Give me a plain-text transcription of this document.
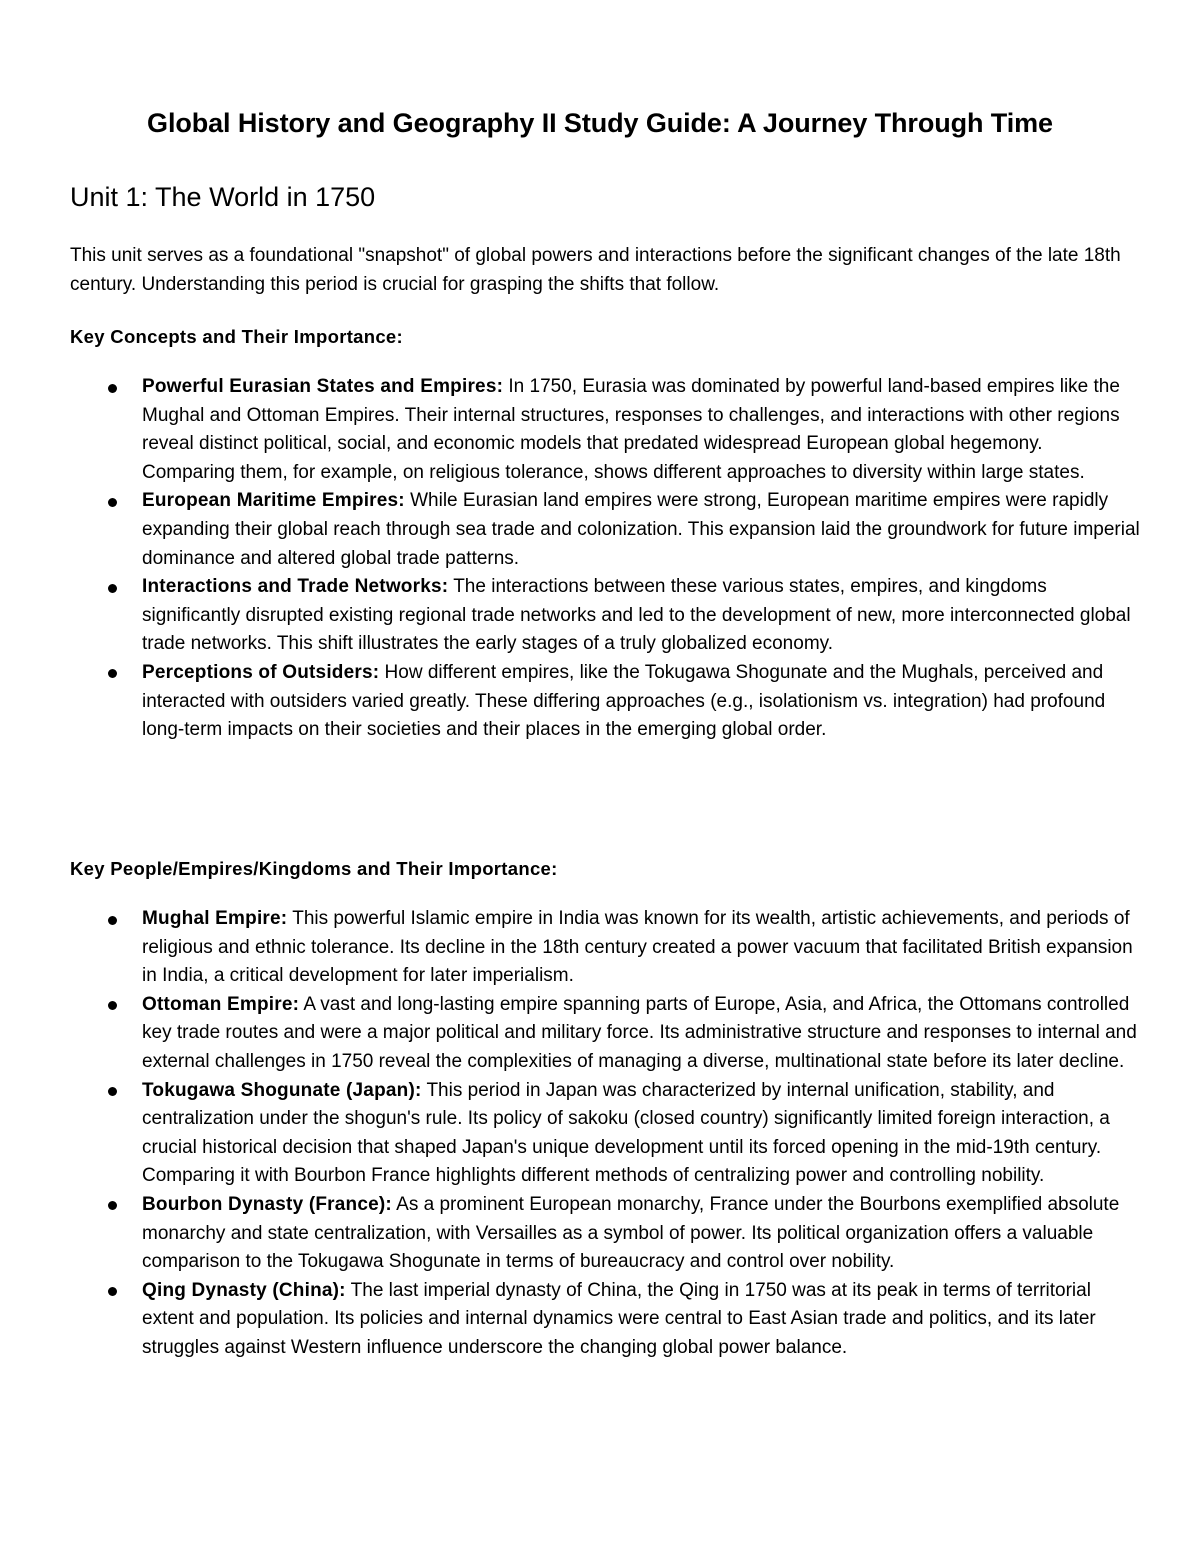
Global History and Geography II Study Guide: A Journey Through Time
Unit 1: The World in 1750

This unit serves as a foundational "snapshot" of global powers and interactions before the significant changes of the late 18th century. Understanding this period is crucial for grasping the shifts that follow.

Key Concepts and Their Importance:
Powerful Eurasian States and Empires: In 1750, Eurasia was dominated by powerful land-based empires like the Mughal and Ottoman Empires. Their internal structures, responses to challenges, and interactions with other regions reveal distinct political, social, and economic models that predated widespread European global hegemony. Comparing them, for example, on religious tolerance, shows different approaches to diversity within large states.
European Maritime Empires: While Eurasian land empires were strong, European maritime empires were rapidly expanding their global reach through sea trade and colonization. This expansion laid the groundwork for future imperial dominance and altered global trade patterns.
Interactions and Trade Networks: The interactions between these various states, empires, and kingdoms significantly disrupted existing regional trade networks and led to the development of new, more interconnected global trade networks. This shift illustrates the early stages of a truly globalized economy.
Perceptions of Outsiders: How different empires, like the Tokugawa Shogunate and the Mughals, perceived and interacted with outsiders varied greatly. These differing approaches (e.g., isolationism vs. integration) had profound long-term impacts on their societies and their places in the emerging global order.
Key People/Empires/Kingdoms and Their Importance:
Mughal Empire: This powerful Islamic empire in India was known for its wealth, artistic achievements, and periods of religious and ethnic tolerance. Its decline in the 18th century created a power vacuum that facilitated British expansion in India, a critical development for later imperialism.
Ottoman Empire: A vast and long-lasting empire spanning parts of Europe, Asia, and Africa, the Ottomans controlled key trade routes and were a major political and military force. Its administrative structure and responses to internal and external challenges in 1750 reveal the complexities of managing a diverse, multinational state before its later decline.
Tokugawa Shogunate (Japan): This period in Japan was characterized by internal unification, stability, and centralization under the shogun's rule. Its policy of sakoku (closed country) significantly limited foreign interaction, a crucial historical decision that shaped Japan's unique development until its forced opening in the mid-19th century. Comparing it with Bourbon France highlights different methods of centralizing power and controlling nobility.
Bourbon Dynasty (France): As a prominent European monarchy, France under the Bourbons exemplified absolute monarchy and state centralization, with Versailles as a symbol of power. Its political organization offers a valuable comparison to the Tokugawa Shogunate in terms of bureaucracy and control over nobility.
Qing Dynasty (China): The last imperial dynasty of China, the Qing in 1750 was at its peak in terms of territorial extent and population. Its policies and internal dynamics were central to East Asian trade and politics, and its later struggles against Western influence underscore the changing global power balance.
